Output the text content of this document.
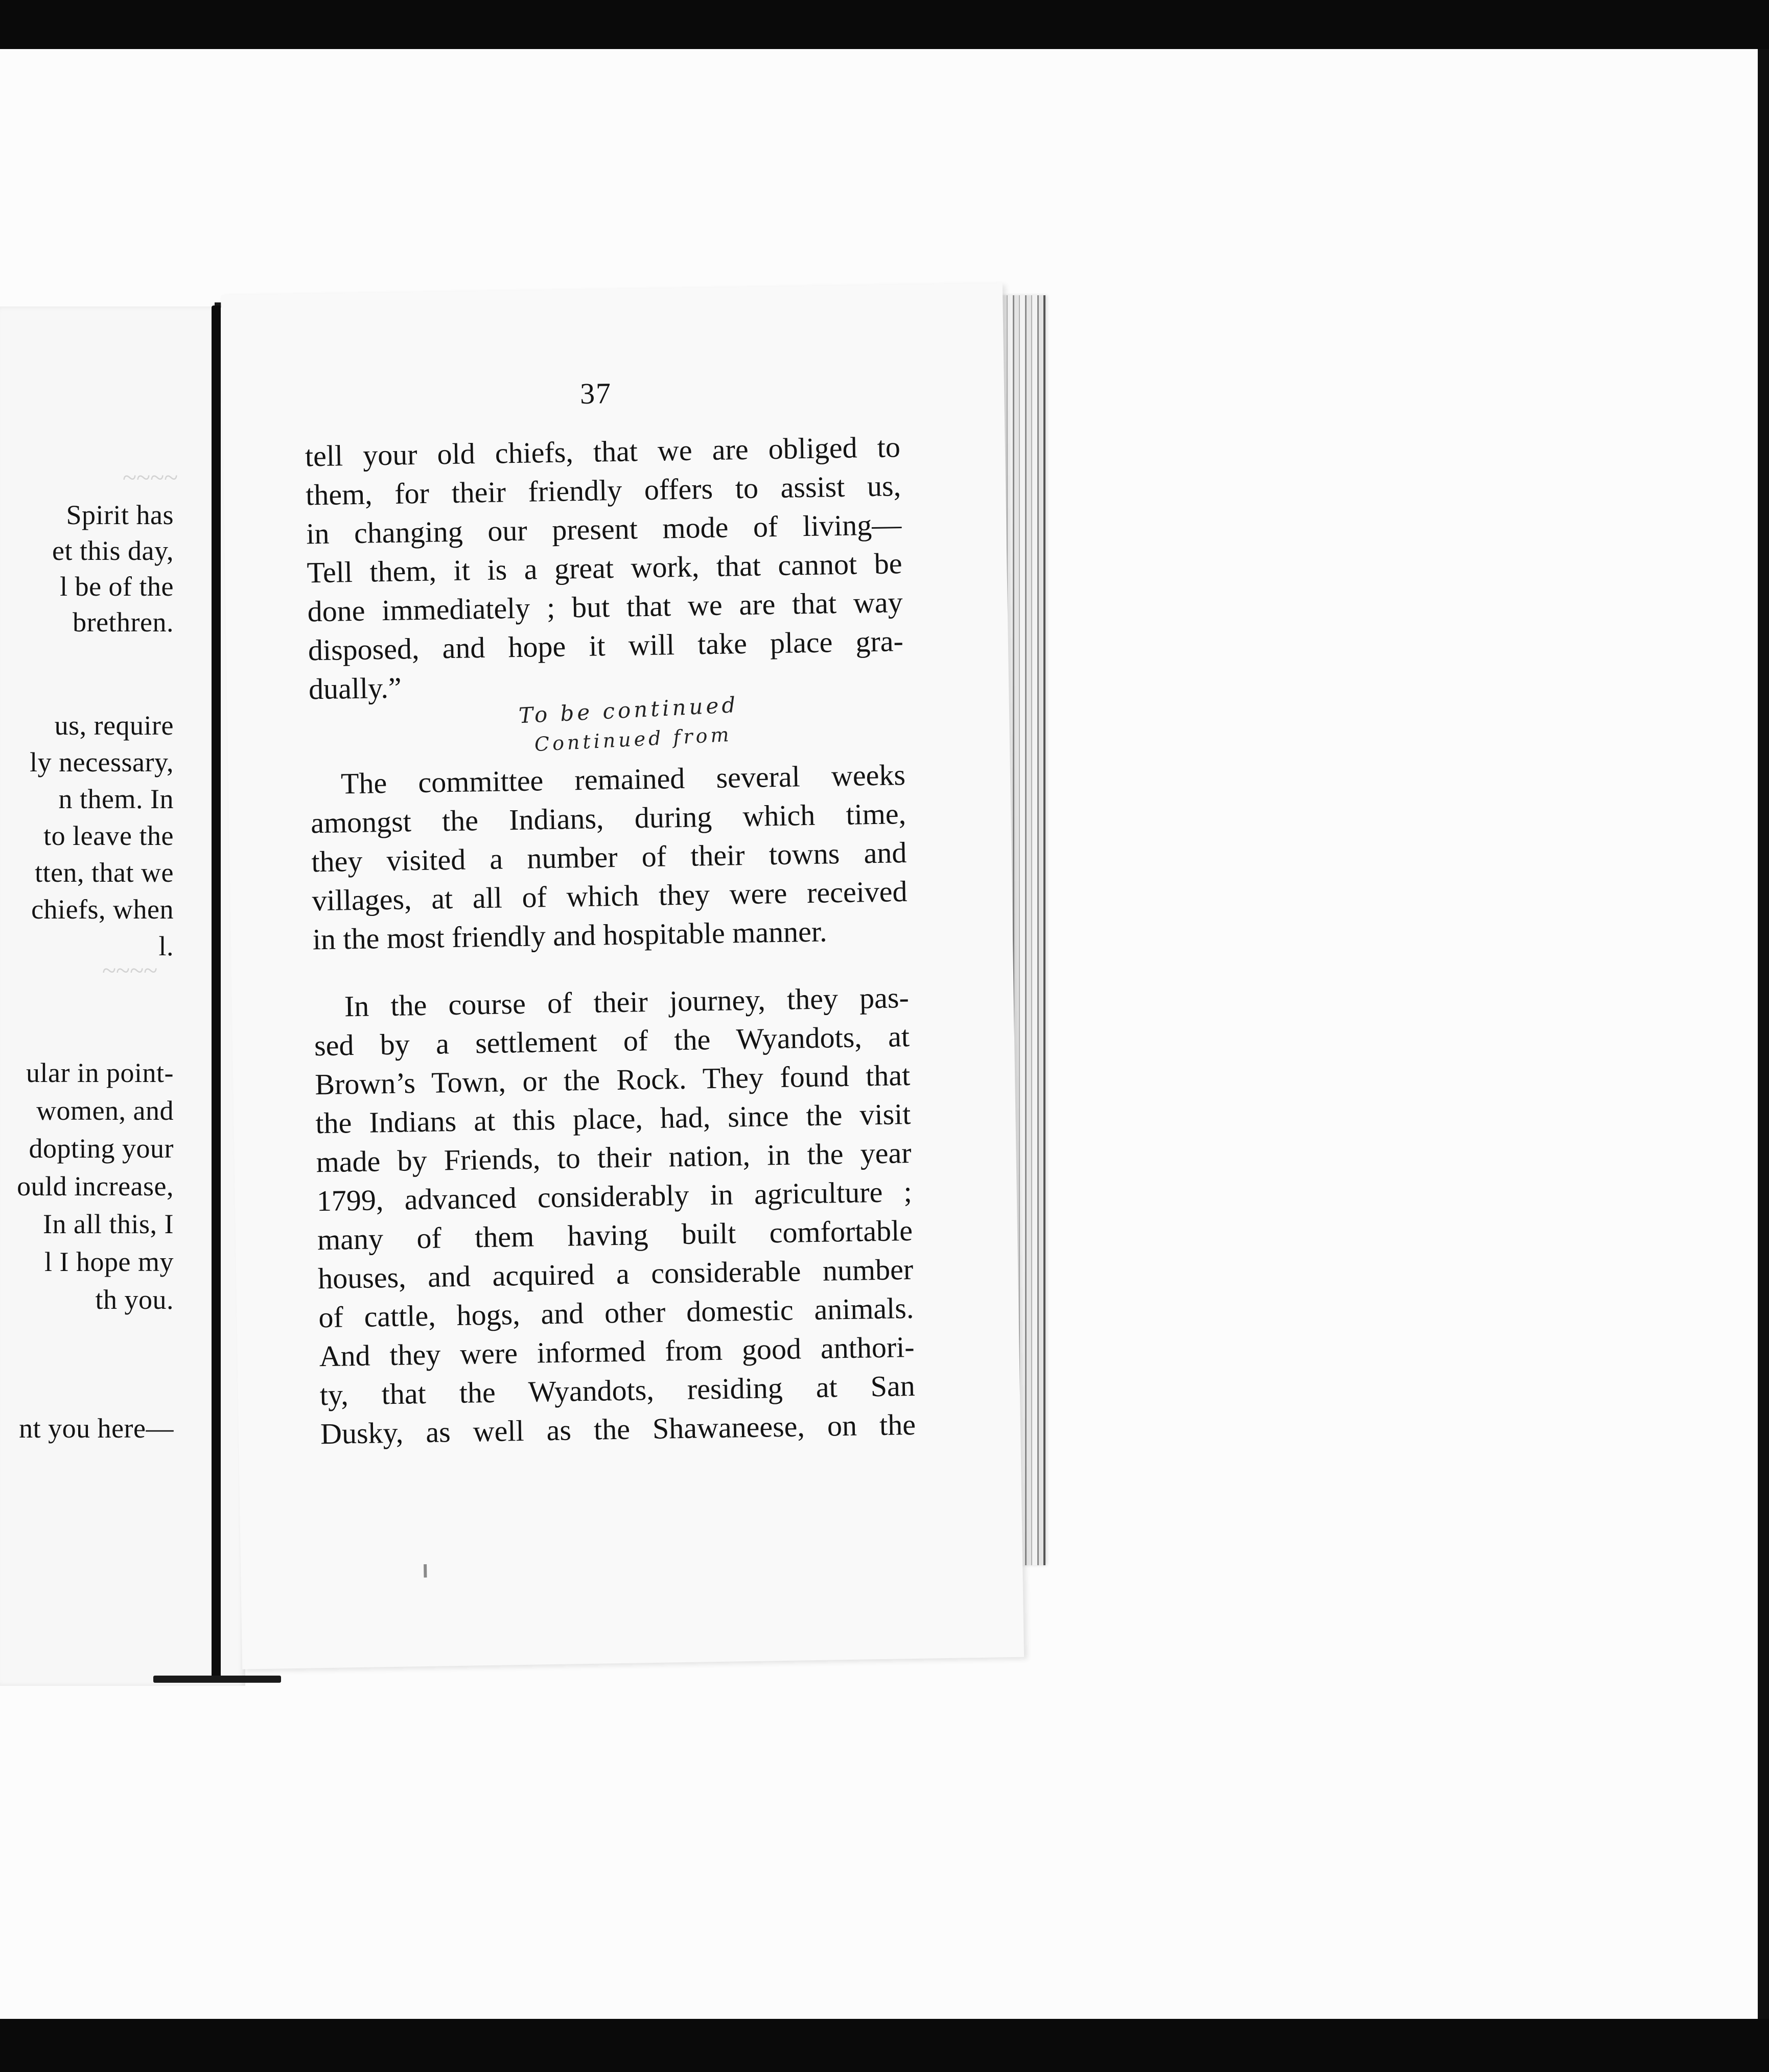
~~~~
~~~~
Spirit has
et this day,
l be of the
brethren.
us, require
ly necessary,
n them. In
to leave the
tten, that we
chiefs, when
l.
ular in point-
women, and
dopting your
ould increase,
In all this, I
l I hope my
th you.
nt you here—
37
tell your old chiefs, that we are obliged to
them, for their friendly offers to assist us,
in changing our present mode of living—
Tell them, it is a great work, that cannot be
done immediately ; but that we are that way
disposed, and hope it will take place gra-
dually.”
The committee remained several weeks
amongst the Indians, during which time,
they visited a number of their towns and
villages, at all of which they were received
in the most friendly and hospitable manner.
In the course of their journey, they pas-
sed by a settlement of the Wyandots, at
Brown’s Town, or the Rock. They found that
the Indians at this place, had, since the visit
made by Friends, to their nation, in the year
1799, advanced considerably in agriculture ;
many of them having built comfortable
houses, and acquired a considerable number
of cattle, hogs, and other domestic animals.
And they were informed from good anthori-
ty, that the Wyandots, residing at San
Dusky, as well as the Shawaneese, on the
To be continued
Continued from
